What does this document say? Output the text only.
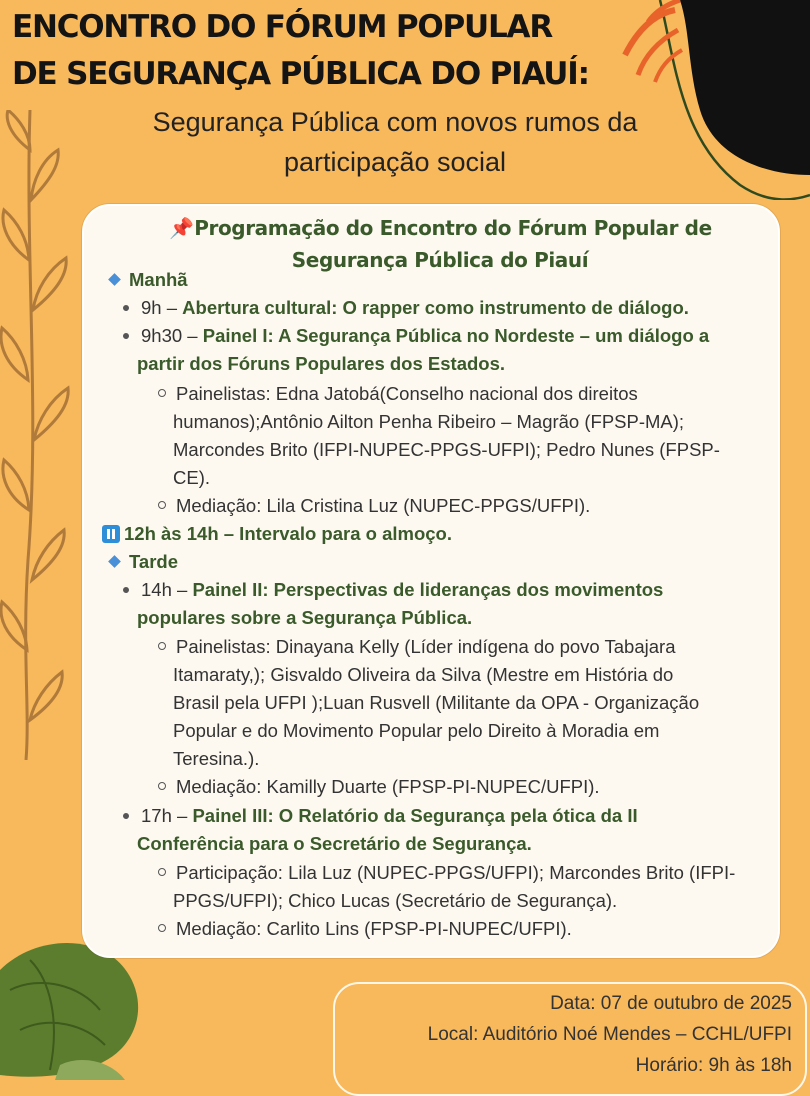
ENCONTRO DO FÓRUM POPULAR
DE SEGURANÇA PÚBLICA DO PIAUÍ:

Segurança Pública com novos rumos da
participação social

📌Programação do Encontro do Fórum Popular de
Segurança Pública do Piauí
Manhã
9h – Abertura cultural: O rapper como instrumento de diálogo.
9h30 – Painel I: A Segurança Pública no Nordeste – um diálogo a
partir dos Fóruns Populares dos Estados.
Painelistas: Edna Jatobá(Conselho nacional dos direitos
humanos);Antônio Ailton Penha Ribeiro – Magrão (FPSP-MA);
Marcondes Brito (IFPI-NUPEC-PPGS-UFPI); Pedro Nunes (FPSP-
CE).
Mediação: Lila Cristina Luz (NUPEC-PPGS/UFPI).
12h às 14h – Intervalo para o almoço.
Tarde
14h – Painel II: Perspectivas de lideranças dos movimentos
populares sobre a Segurança Pública.
Painelistas: Dinayana Kelly (Líder indígena do povo Tabajara
Itamaraty,); Gisvaldo Oliveira da Silva (Mestre em História do
Brasil pela UFPI );Luan Rusvell (Militante da OPA - Organização
Popular e do Movimento Popular pelo Direito à Moradia em
Teresina.).
Mediação: Kamilly Duarte (FPSP-PI-NUPEC/UFPI).
17h – Painel III: O Relatório da Segurança pela ótica da II
Conferência para o Secretário de Segurança.
Participação: Lila Luz (NUPEC-PPGS/UFPI); Marcondes Brito (IFPI-
PPGS/UFPI); Chico Lucas (Secretário de Segurança).
Mediação: Carlito Lins (FPSP-PI-NUPEC/UFPI).
Data: 07 de outubro de 2025
Local: Auditório Noé Mendes – CCHL/UFPI
Horário: 9h às 18h
